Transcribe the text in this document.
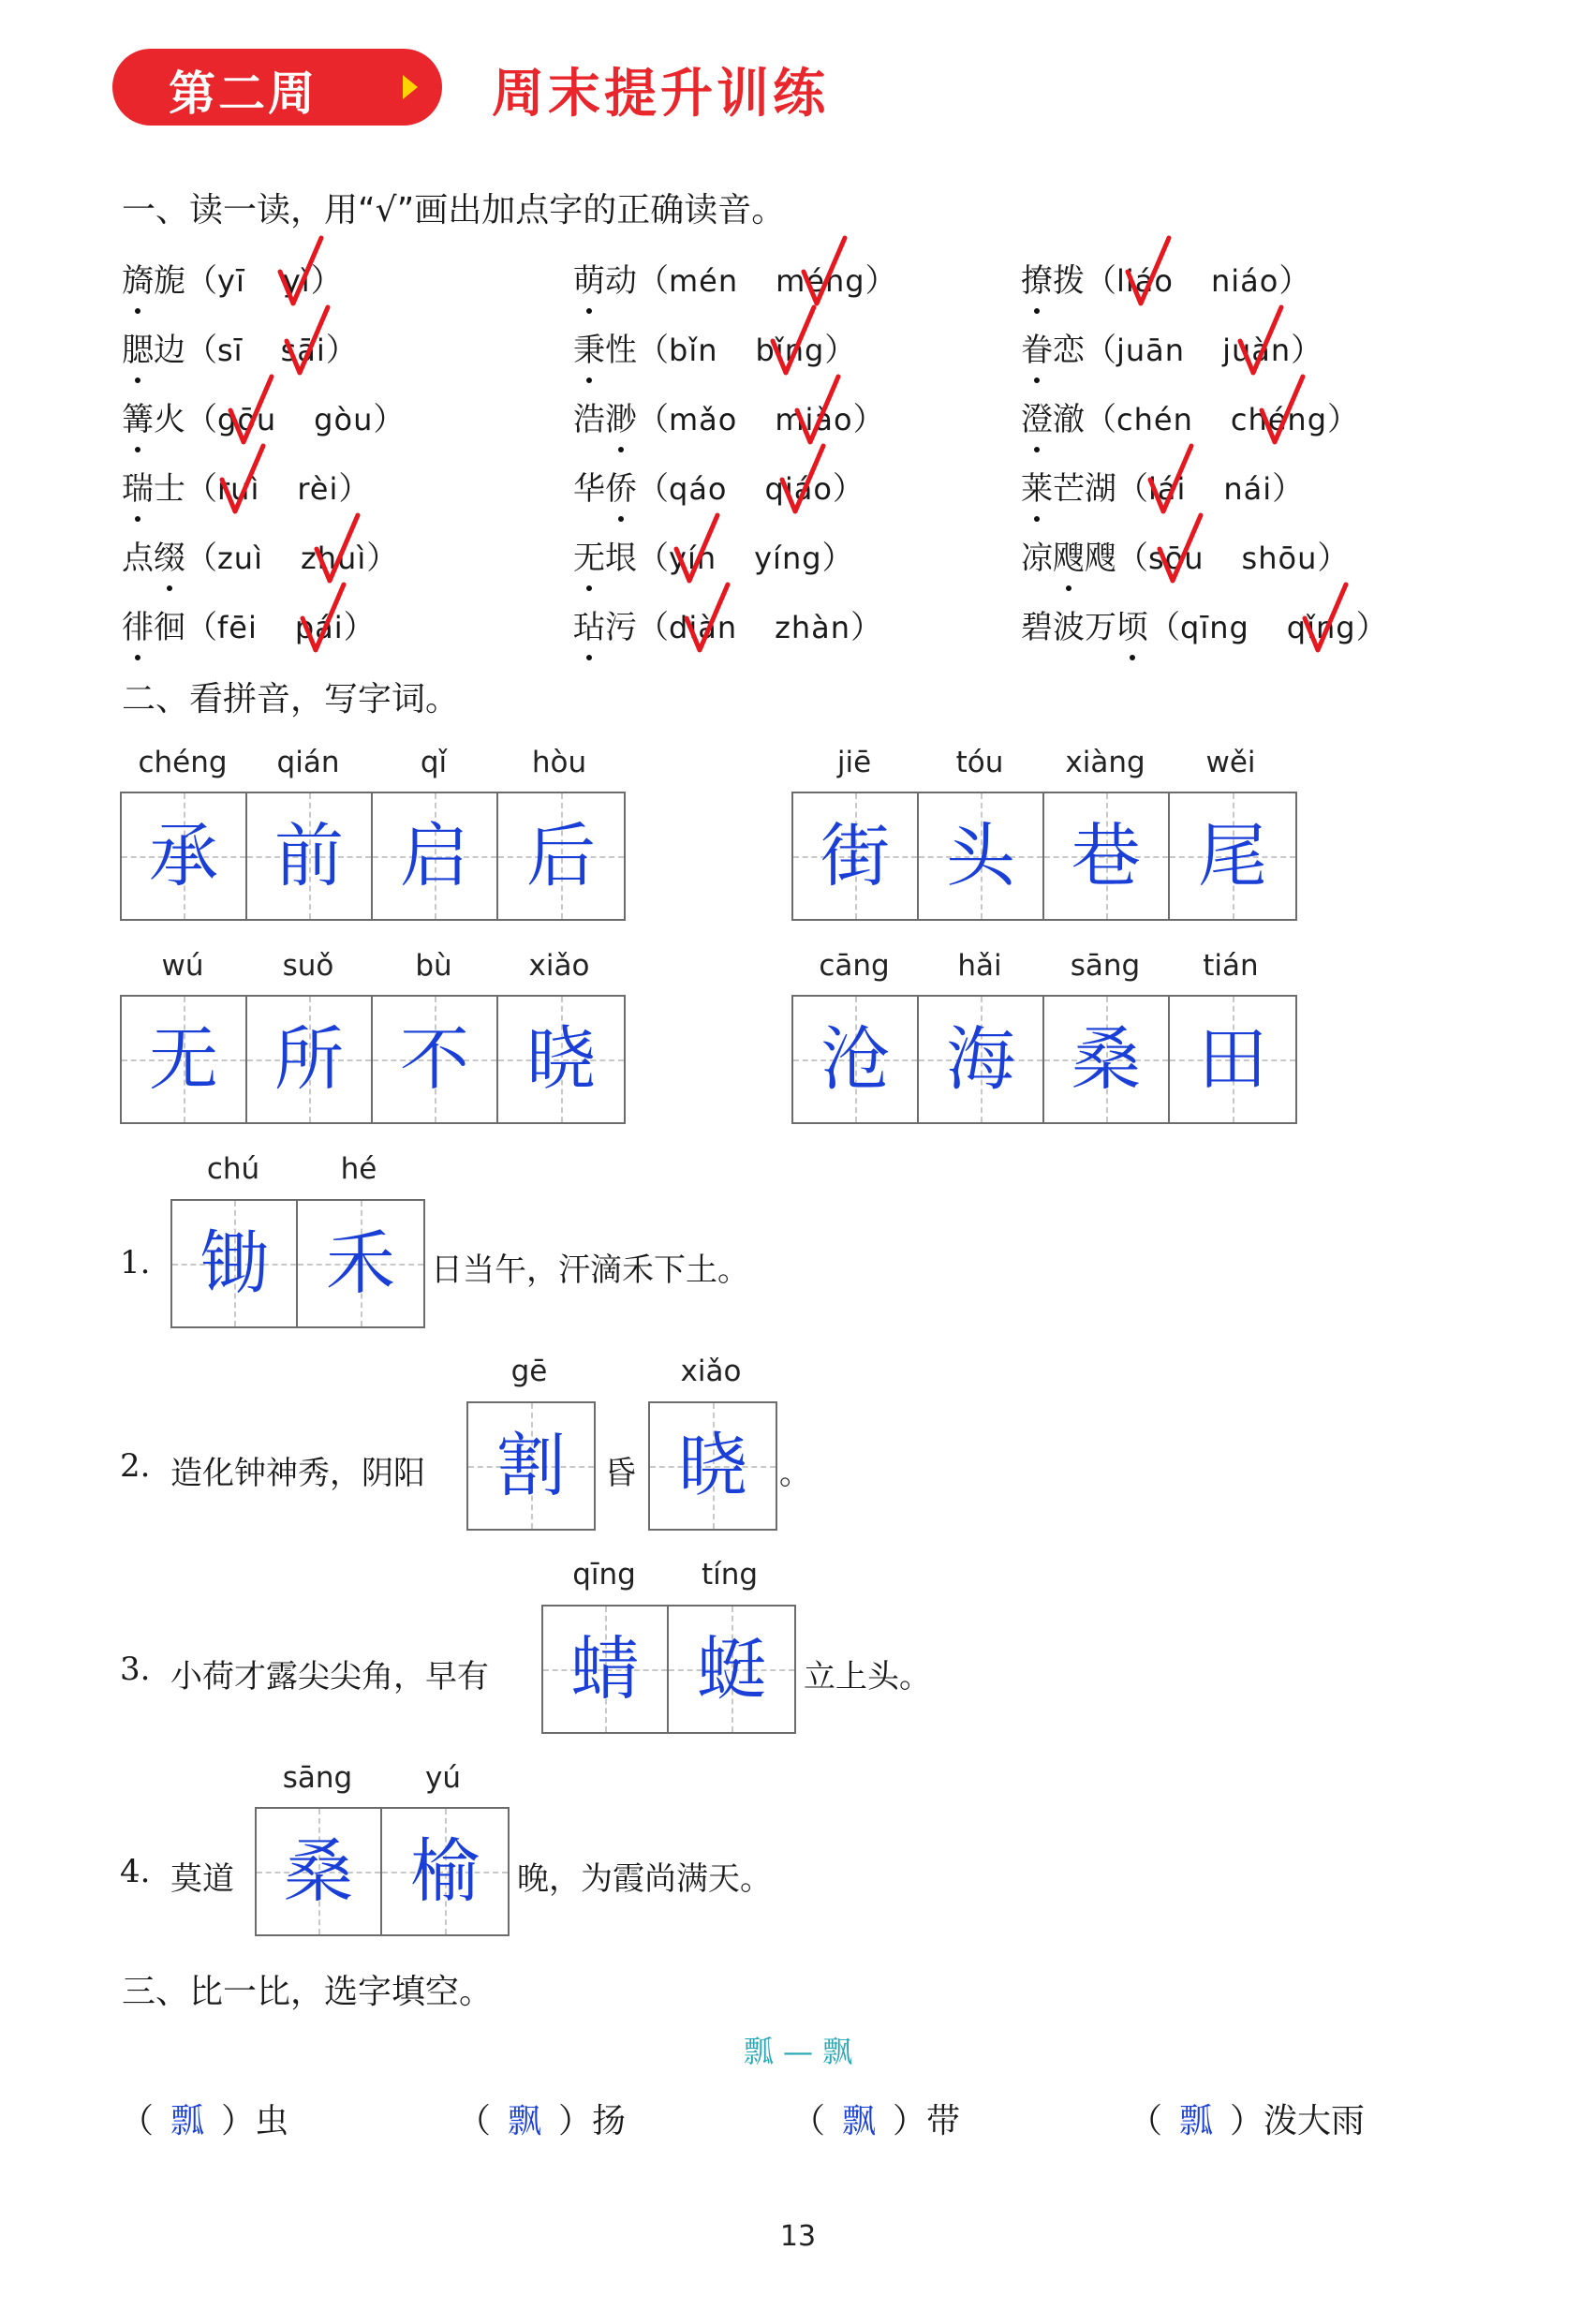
第二周	周末提升训练
一、读一读，用“√”画出加点字的正确读音。
旖旎（yī yǐ）	萌动（mén méng）	撩拨（liáo niáo）
腮边（sī sāi）	秉性（bǐn bǐng）	眷恋（juān juàn）
篝火（gōu gòu）	浩渺（mǎo miǎo）	澄澈（chén chéng）
瑞士（ruì rèi）	华侨（qáo qiáo）	莱芒湖（lái nái）
点缀（zuì zhuì）	无垠（yín yíng）	凉飕飕（sōu shōu）
徘徊（fēi pái）	玷污（diàn zhàn）	碧波万顷（qīng qǐng）
二、看拼音，写字词。
chéng	qián	qǐ	hòu
承 前 启 后
jiē	tóu	xiàng	wěi
街 头 巷 尾
wú	suǒ	bù	xiǎo
无 所 不 晓
cāng	hǎi	sāng	tián
沧 海 桑 田
1.
chú	hé
锄 禾	日当午，汗滴禾下土。
2. 造化钟神秀，阴阳
gē
割	昏
xiǎo
晓	。
3. 小荷才露尖尖角，早有
qīng	tíng
蜻 蜓	立上头。
4. 莫道
sāng	yú
桑 榆	晚，为霞尚满天。
三、比一比，选字填空。
瓢 — 飘
（ 瓢 ）虫	（ 飘 ）扬	（ 飘 ）带	（ 瓢 ）泼大雨
13
